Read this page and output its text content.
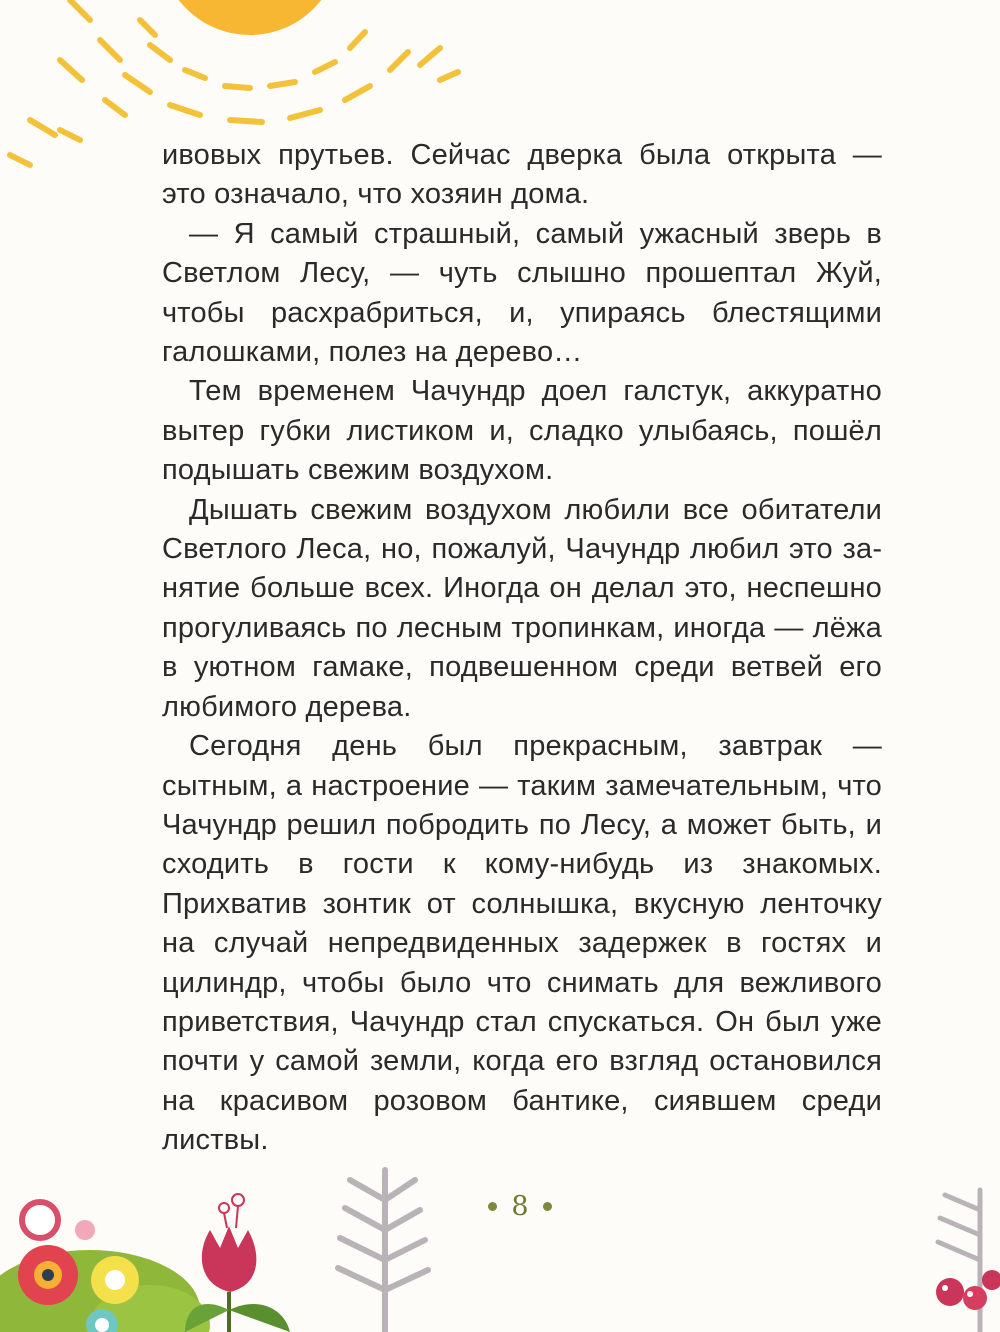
ивовых прутьев. Сейчас дверка была открыта — это означало, что хозяин дома.

— Я самый страшный, самый ужасный зверь в Светлом Лесу, — чуть слышно прошептал Жуй, чтобы расхрабриться, и, упираясь блестящими галошками, полез на дерево…

Тем временем Чачундр доел галстук, аккуратно вытер губки листиком и, сладко улыбаясь, пошёл подышать свежим воздухом.

Дышать свежим воздухом любили все обитатели Светлого Леса, но, пожалуй, Чачундр любил это занятие больше всех. Иногда он делал это, неспешно прогуливаясь по лесным тропинкам, иногда — лёжа в уютном гамаке, подвешенном среди ветвей его любимого дерева.

Сегодня день был прекрасным, завтрак — сытным, а настроение — таким замечательным, что Чачундр решил побродить по Лесу, а может быть, и сходить в гости к кому-нибудь из знакомых. Прихватив зонтик от солнышка, вкусную ленточку на случай непредвиденных задержек в гостях и цилиндр, чтобы было что снимать для вежливого приветствия, Чачундр стал спускаться. Он был уже почти у самой земли, когда его взгляд остановился на красивом розовом бантике, сиявшем среди листвы.

8
